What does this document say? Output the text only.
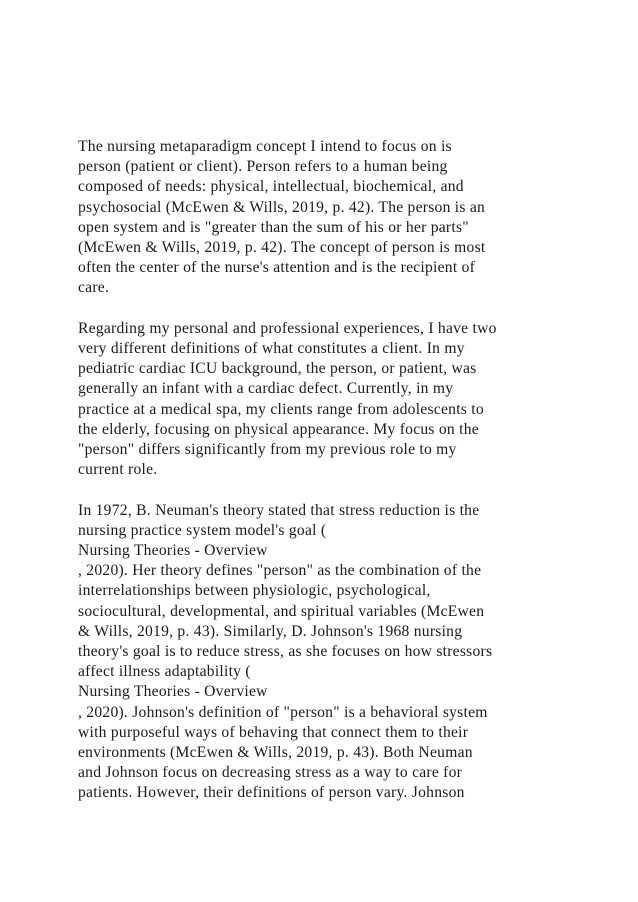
The nursing metaparadigm concept I intend to focus on is
person (patient or client). Person refers to a human being
composed of needs: physical, intellectual, biochemical, and
psychosocial (McEwen & Wills, 2019, p. 42). The person is an
open system and is "greater than the sum of his or her parts"
(McEwen & Wills, 2019, p. 42). The concept of person is most
often the center of the nurse's attention and is the recipient of
care.

Regarding my personal and professional experiences, I have two
very different definitions of what constitutes a client. In my
pediatric cardiac ICU background, the person, or patient, was
generally an infant with a cardiac defect. Currently, in my
practice at a medical spa, my clients range from adolescents to
the elderly, focusing on physical appearance. My focus on the
"person" differs significantly from my previous role to my
current role.

In 1972, B. Neuman's theory stated that stress reduction is the
nursing practice system model's goal (
Nursing Theories - Overview
, 2020). Her theory defines "person" as the combination of the
interrelationships between physiologic, psychological,
sociocultural, developmental, and spiritual variables (McEwen
& Wills, 2019, p. 43). Similarly, D. Johnson's 1968 nursing
theory's goal is to reduce stress, as she focuses on how stressors
affect illness adaptability (
Nursing Theories - Overview
, 2020). Johnson's definition of "person" is a behavioral system
with purposeful ways of behaving that connect them to their
environments (McEwen & Wills, 2019, p. 43). Both Neuman
and Johnson focus on decreasing stress as a way to care for
patients. However, their definitions of person vary. Johnson
